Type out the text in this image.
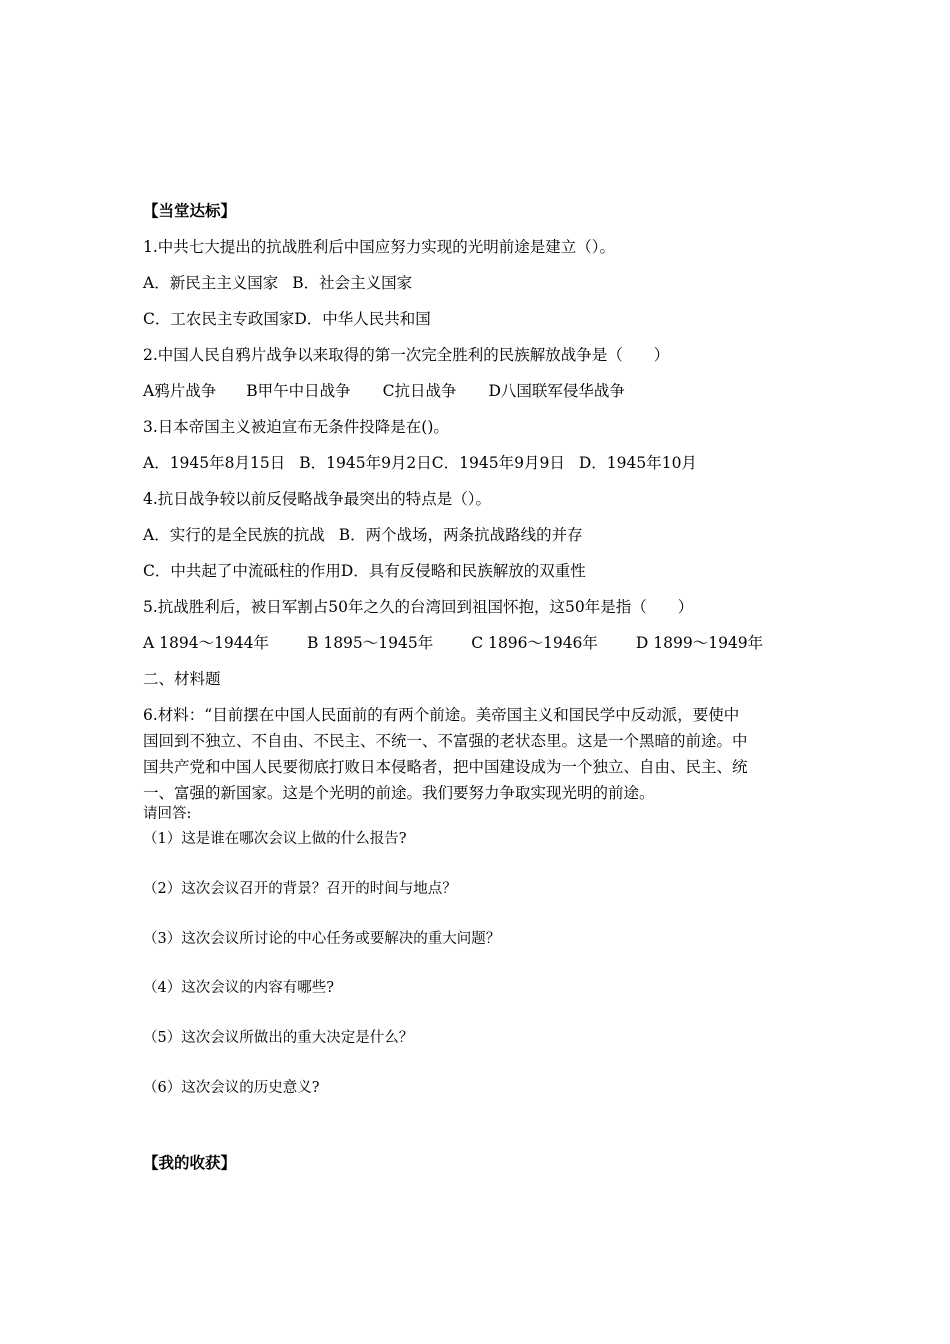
【当堂达标】
1.中共七大提出的抗战胜利后中国应努力实现的光明前途是建立（）。
A．新民主主义国家 B．社会主义国家
C．工农民主专政国家D．中华人民共和国
2.中国人民自鸦片战争以来取得的第一次完全胜利的民族解放战争是（　　）
A鸦片战争 B甲午中日战争 C抗日战争 D八国联军侵华战争
3.日本帝国主义被迫宣布无条件投降是在()。
A．1945年8月15日 B．1945年9月2日C．1945年9月9日 D．1945年10月
4.抗日战争较以前反侵略战争最突出的特点是（）。
A．实行的是全民族的抗战 B．两个战场，两条抗战路线的并存
C．中共起了中流砥柱的作用D．具有反侵略和民族解放的双重性
5.抗战胜利后，被日军割占50年之久的台湾回到祖国怀抱，这50年是指（　　）
A 1894～1944年 B 1895～1945年 C 1896～1946年 D 1899～1949年
二、材料题
6.材料：“目前摆在中国人民面前的有两个前途。美帝国主义和国民学中反动派，要使中
国回到不独立、不自由、不民主、不统一、不富强的老状态里。这是一个黑暗的前途。中
国共产党和中国人民要彻底打败日本侵略者，把中国建设成为一个独立、自由、民主、统
一、富强的新国家。这是个光明的前途。我们要努力争取实现光明的前途。
请回答:
（1）这是谁在哪次会议上做的什么报告?
（2）这次会议召开的背景？召开的时间与地点？
（3）这次会议所讨论的中心任务或要解决的重大问题？
（4）这次会议的内容有哪些?
（5）这次会议所做出的重大决定是什么？
（6）这次会议的历史意义?
【我的收获】
